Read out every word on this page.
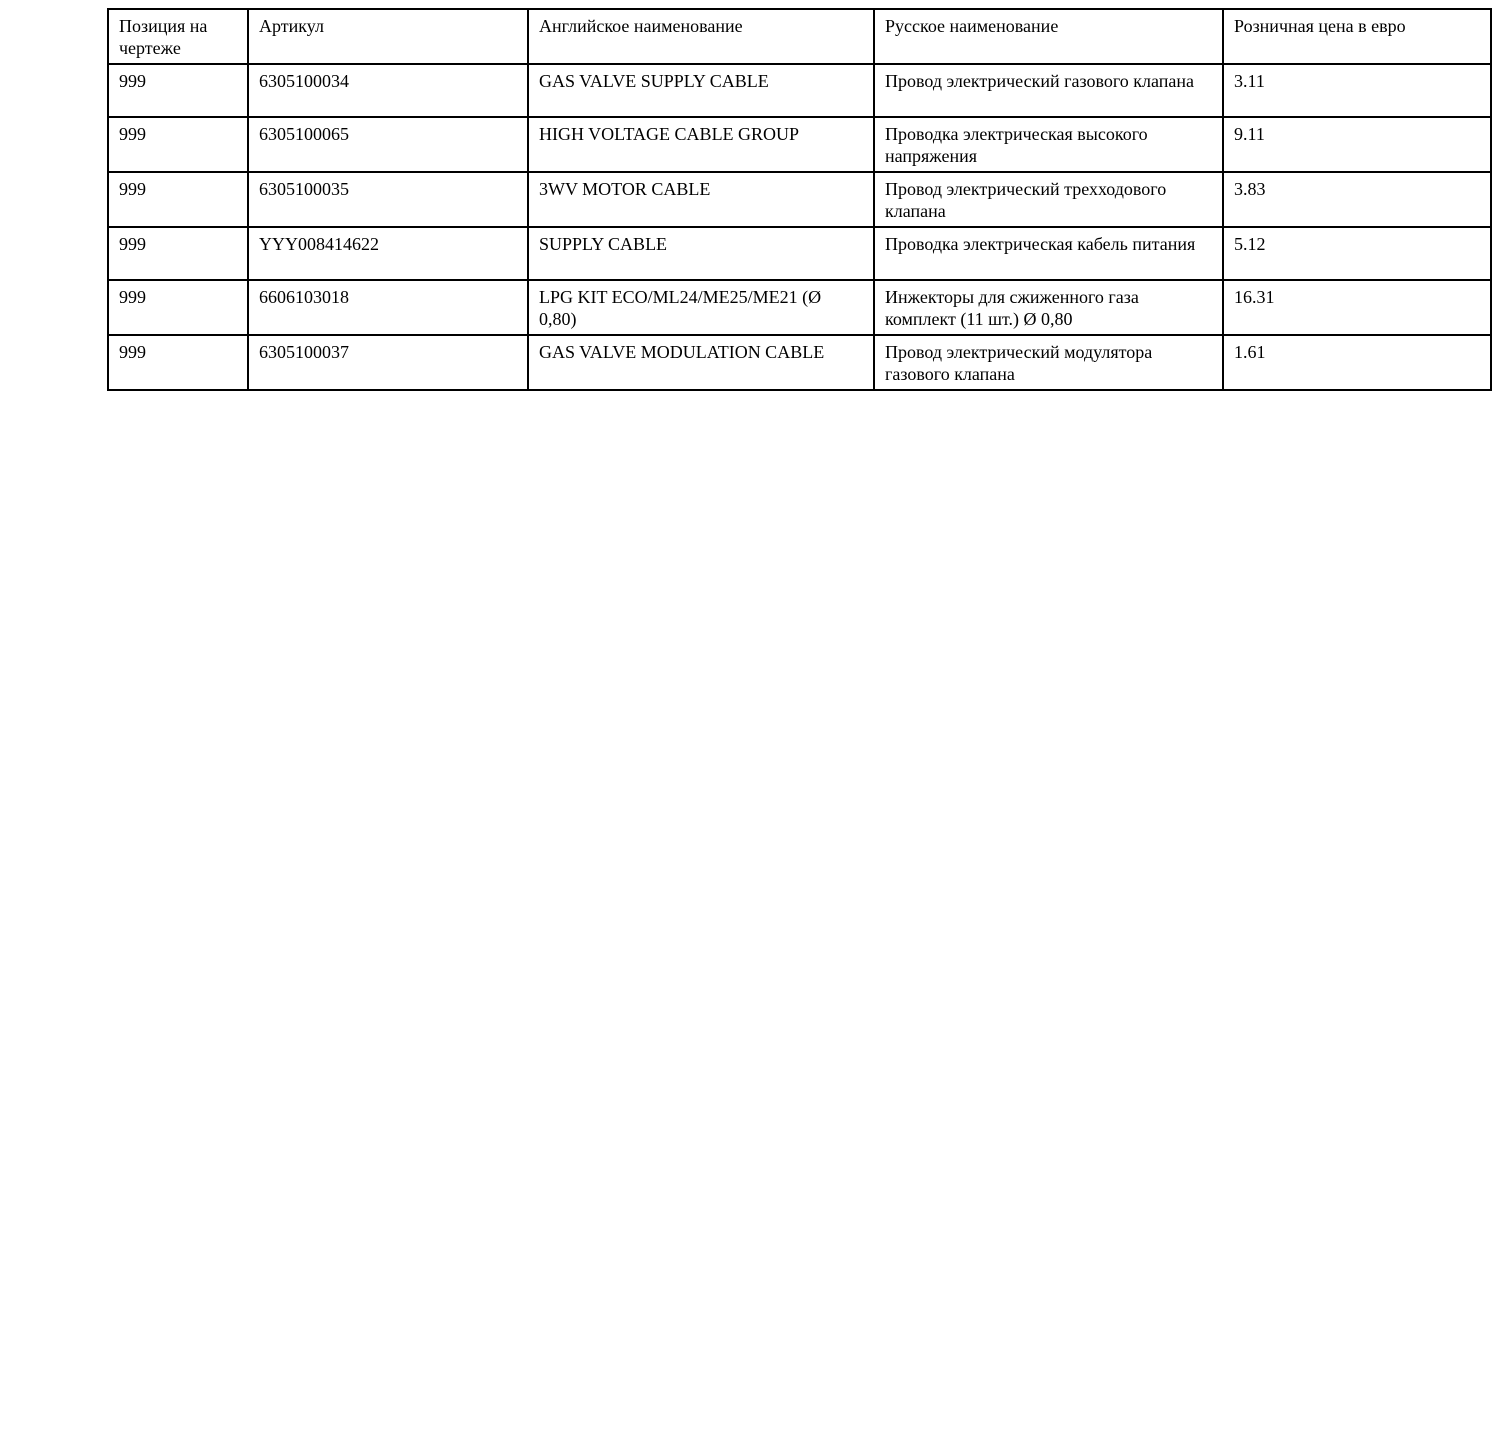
Позиция на чертеже	Артикул	Английское наименование	Русское наименование	Розничная цена в евро
999	6305100034	GAS VALVE SUPPLY CABLE	Провод электрический газового клапана	3.11
999	6305100065	HIGH VOLTAGE CABLE GROUP	Проводка электрическая высокого напряжения	9.11
999	6305100035	3WV MOTOR CABLE	Провод электрический трехходового клапана	3.83
999	YYY008414622	SUPPLY CABLE	Проводка электрическая кабель питания	5.12
999	6606103018	LPG KIT ECO/ML24/ME25/ME21 (Ø 0,80)	Инжекторы для сжиженного газа комплект (11 шт.) Ø 0,80	16.31
999	6305100037	GAS VALVE MODULATION CABLE	Провод электрический модулятора газового клапана	1.61
